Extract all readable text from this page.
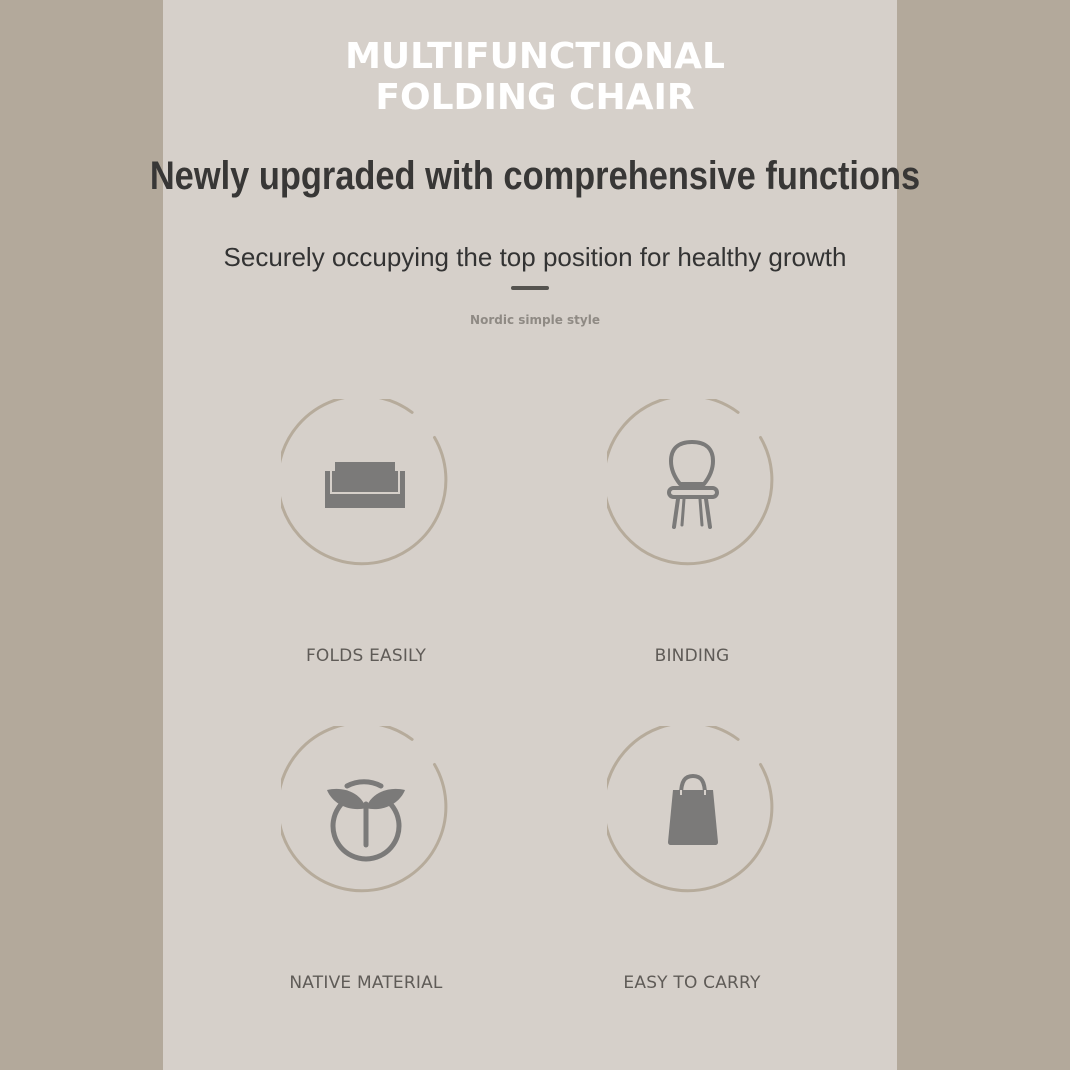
MULTIFUNCTIONAL
FOLDING CHAIR
Newly upgraded with comprehensive functions
Securely occupying the top position for healthy growth
Nordic simple style
FOLDS EASILY	BINDING
NATIVE MATERIAL	EASY TO CARRY
